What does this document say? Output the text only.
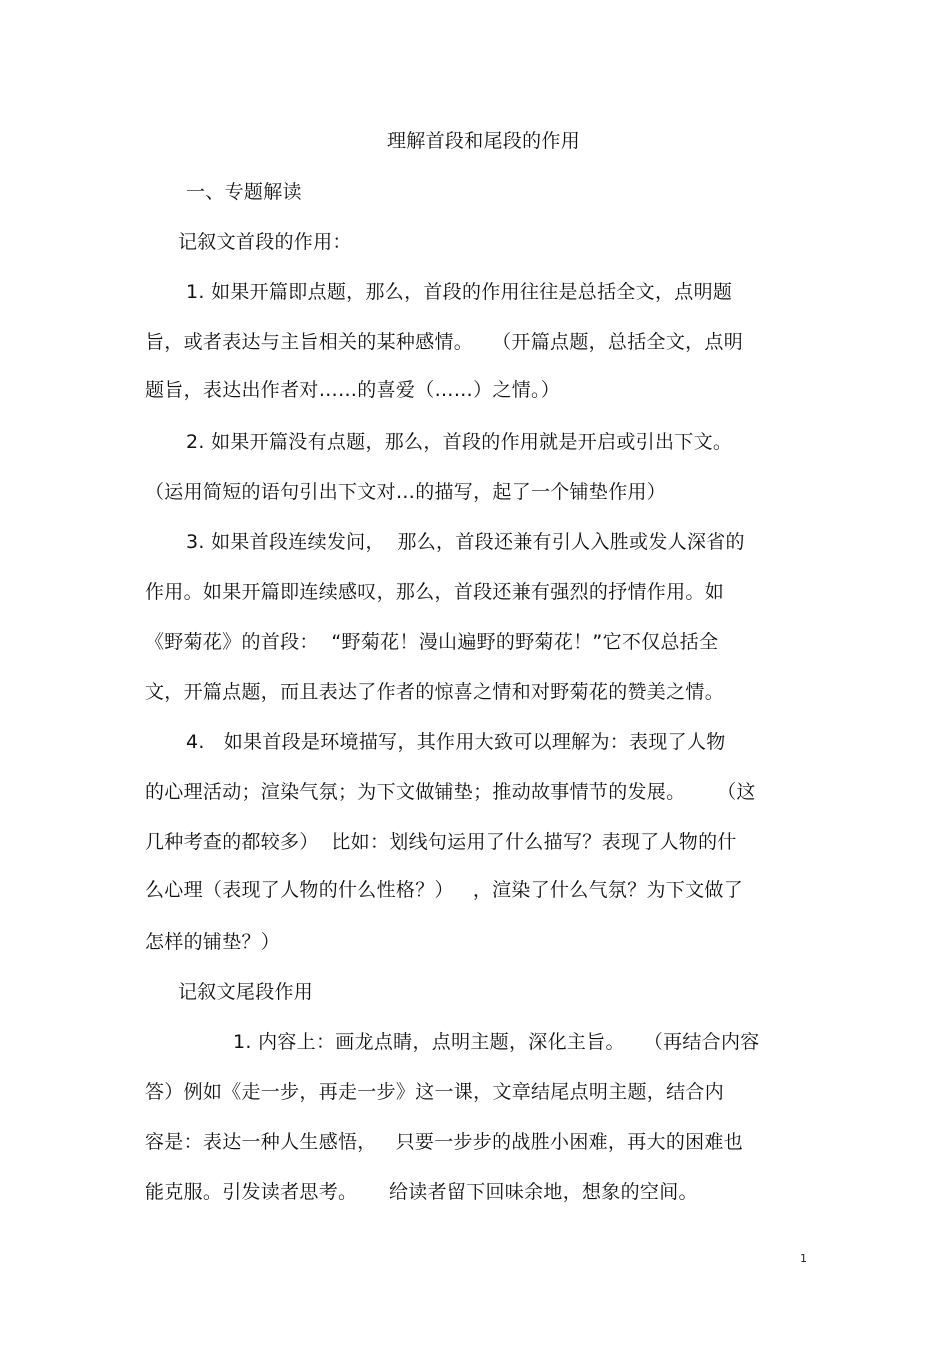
理解首段和尾段的作用
一、专题解读
记叙文首段的作用：
1. 如果开篇即点题，那么，首段的作用往往是总括全文，点明题
旨，或者表达与主旨相关的某种感情。   （开篇点题，总括全文，点明
题旨，表达出作者对……的喜爱（……）之情。）
2. 如果开篇没有点题，那么，首段的作用就是开启或引出下文。
（运用简短的语句引出下文对…的描写，起了一个铺垫作用）
3. 如果首段连续发问，  那么，首段还兼有引人入胜或发人深省的
作用。如果开篇即连续感叹，那么，首段还兼有强烈的抒情作用。如
《野菊花》的首段：  “野菊花！漫山遍野的野菊花！”它不仅总括全
文，开篇点题，而且表达了作者的惊喜之情和对野菊花的赞美之情。
4.   如果首段是环境描写，其作用大致可以理解为：表现了人物
的心理活动；渲染气氛；为下文做铺垫；推动故事情节的发展。     （这
几种考查的都较多）  比如：划线句运用了什么描写？表现了人物的什
么心理（表现了人物的什么性格？）   ，渲染了什么气氛？为下文做了
怎样的铺垫？）
记叙文尾段作用
1. 内容上：画龙点睛，点明主题，深化主旨。   （再结合内容
答）例如《走一步，再走一步》这一课，文章结尾点明主题，结合内
容是：表达一种人生感悟，   只要一步步的战胜小困难，再大的困难也
能克服。引发读者思考。     给读者留下回味余地，想象的空间。
1
